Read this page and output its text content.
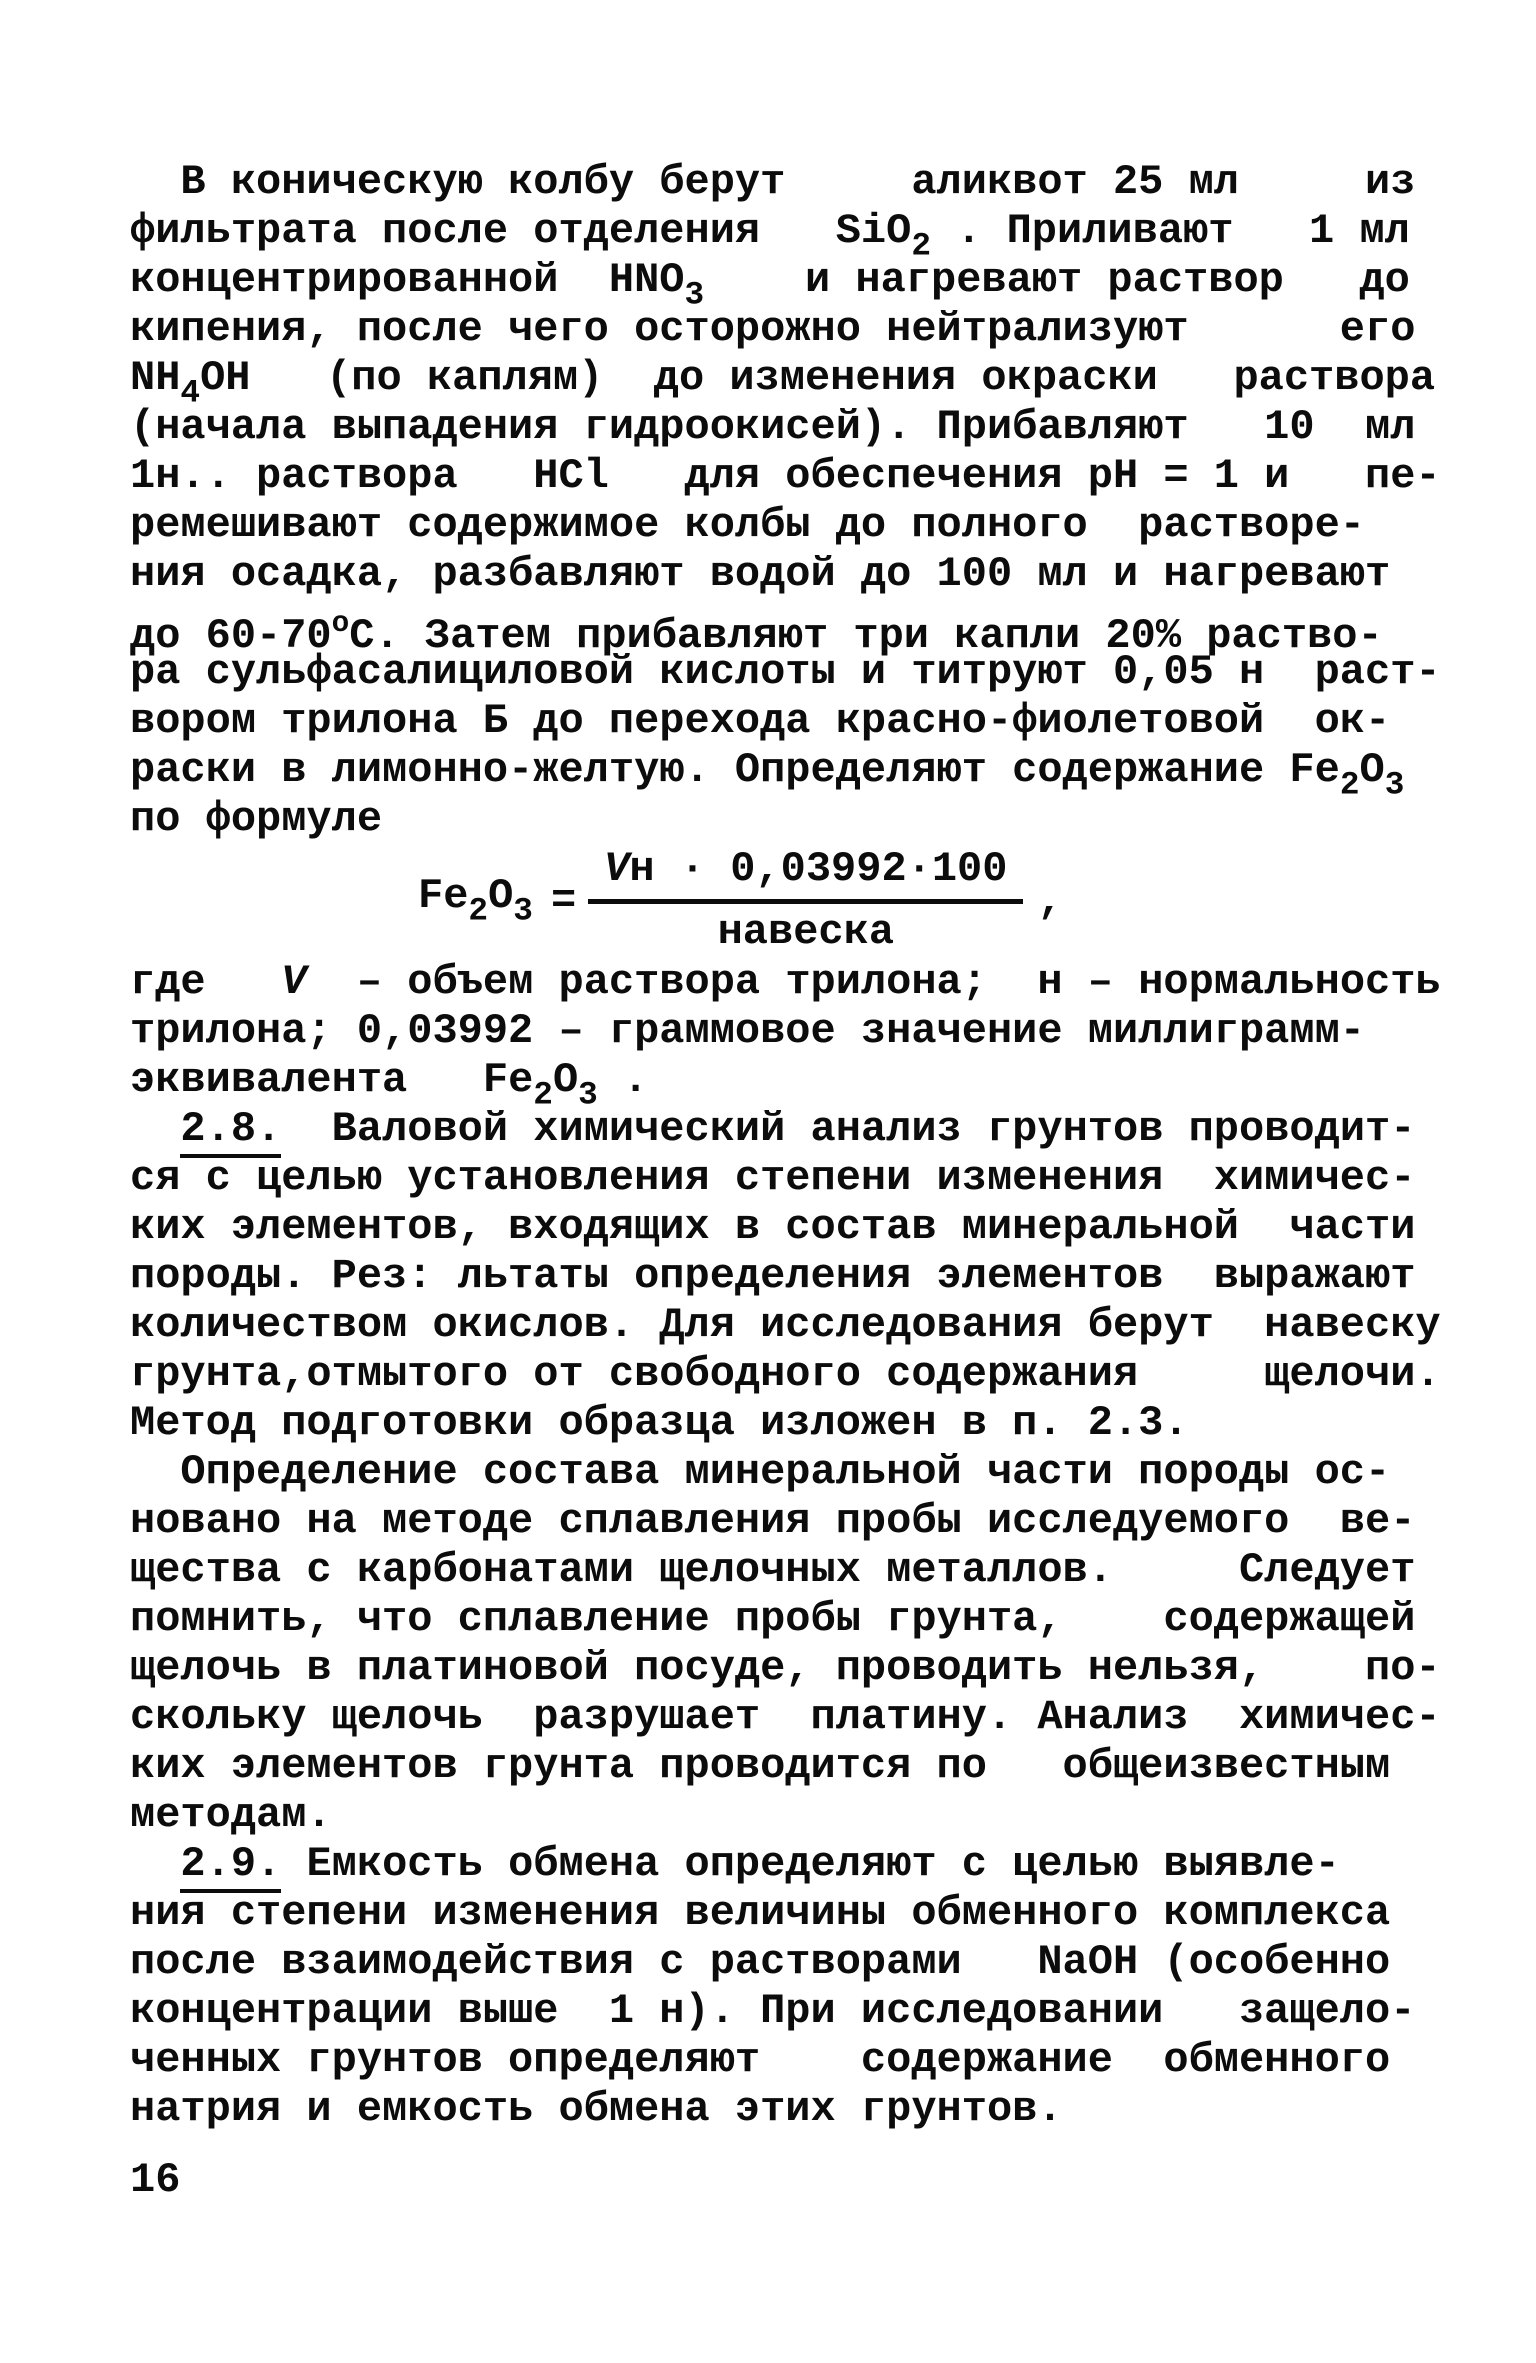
В коническую колбу берут     аликвот 25 мл     из
фильтрата после отделения   SiO$_2$ . Приливают   1 мл
концентрированной  $HNO_3$    и нагревают раствор   до
кипения, после чего осторожно нейтрализуют      его
$NH_4OH$   (по каплям)  до изменения окраски   раствора
(начала выпадения гидроокисей). Прибавляют   10  мл
1н.. раствора   HCl   для обеспечения рН = 1 и   пе-
ремешивают содержимое колбы до полного  растворе-
ния осадка, разбавляют водой до 100 мл и нагревают
до $60-70^оС$. Затем прибавляют три капли 20% раство-
ра сульфасалициловой кислоты и титруют 0,05 н  раст-
вором трилона Б до перехода красно-фиолетовой  ок-
раски в лимонно-желтую. Определяют содержание $Fe_2O_3$
по формуле
$Fe_2O_3 = \frac{Vн \cdot 0,03992\cdot 100}{\text{навеска}}$ ,
где   V  – объем раствора трилона;  н – нормальность
трилона; 0,03992 – граммовое значение миллиграмм-
эквивалента   $Fe_2O_3$ .
2.8.  Валовой химический анализ грунтов проводит-
ся с целью установления степени изменения  химичес-
ких элементов, входящих в состав минеральной  части
породы. Рез: льтаты определения элементов  выражают
количеством окислов. Для исследования берут  навеску
грунта,отмытого от свободного содержания     щелочи.
Метод подготовки образца изложен в п. 2.3.
Определение состава минеральной части породы ос-
новано на методе сплавления пробы исследуемого  ве-
щества с карбонатами щелочных металлов.     Следует
помнить, что сплавление пробы грунта,    содержащей
щелочь в платиновой посуде, проводить нельзя,    по-
скольку щелочь  разрушает  платину. Анализ  химичес-
ких элементов грунта проводится по   общеизвестным
методам.
2.9. Емкость обмена определяют с целью выявле-
ния степени изменения величины обменного комплекса
после взаимодействия с растворами   NaOH (особенно
концентрации выше  1 н). При исследовании   защело-
ченных грунтов определяют    содержание  обменного
натрия и емкость обмена этих грунтов.
16
